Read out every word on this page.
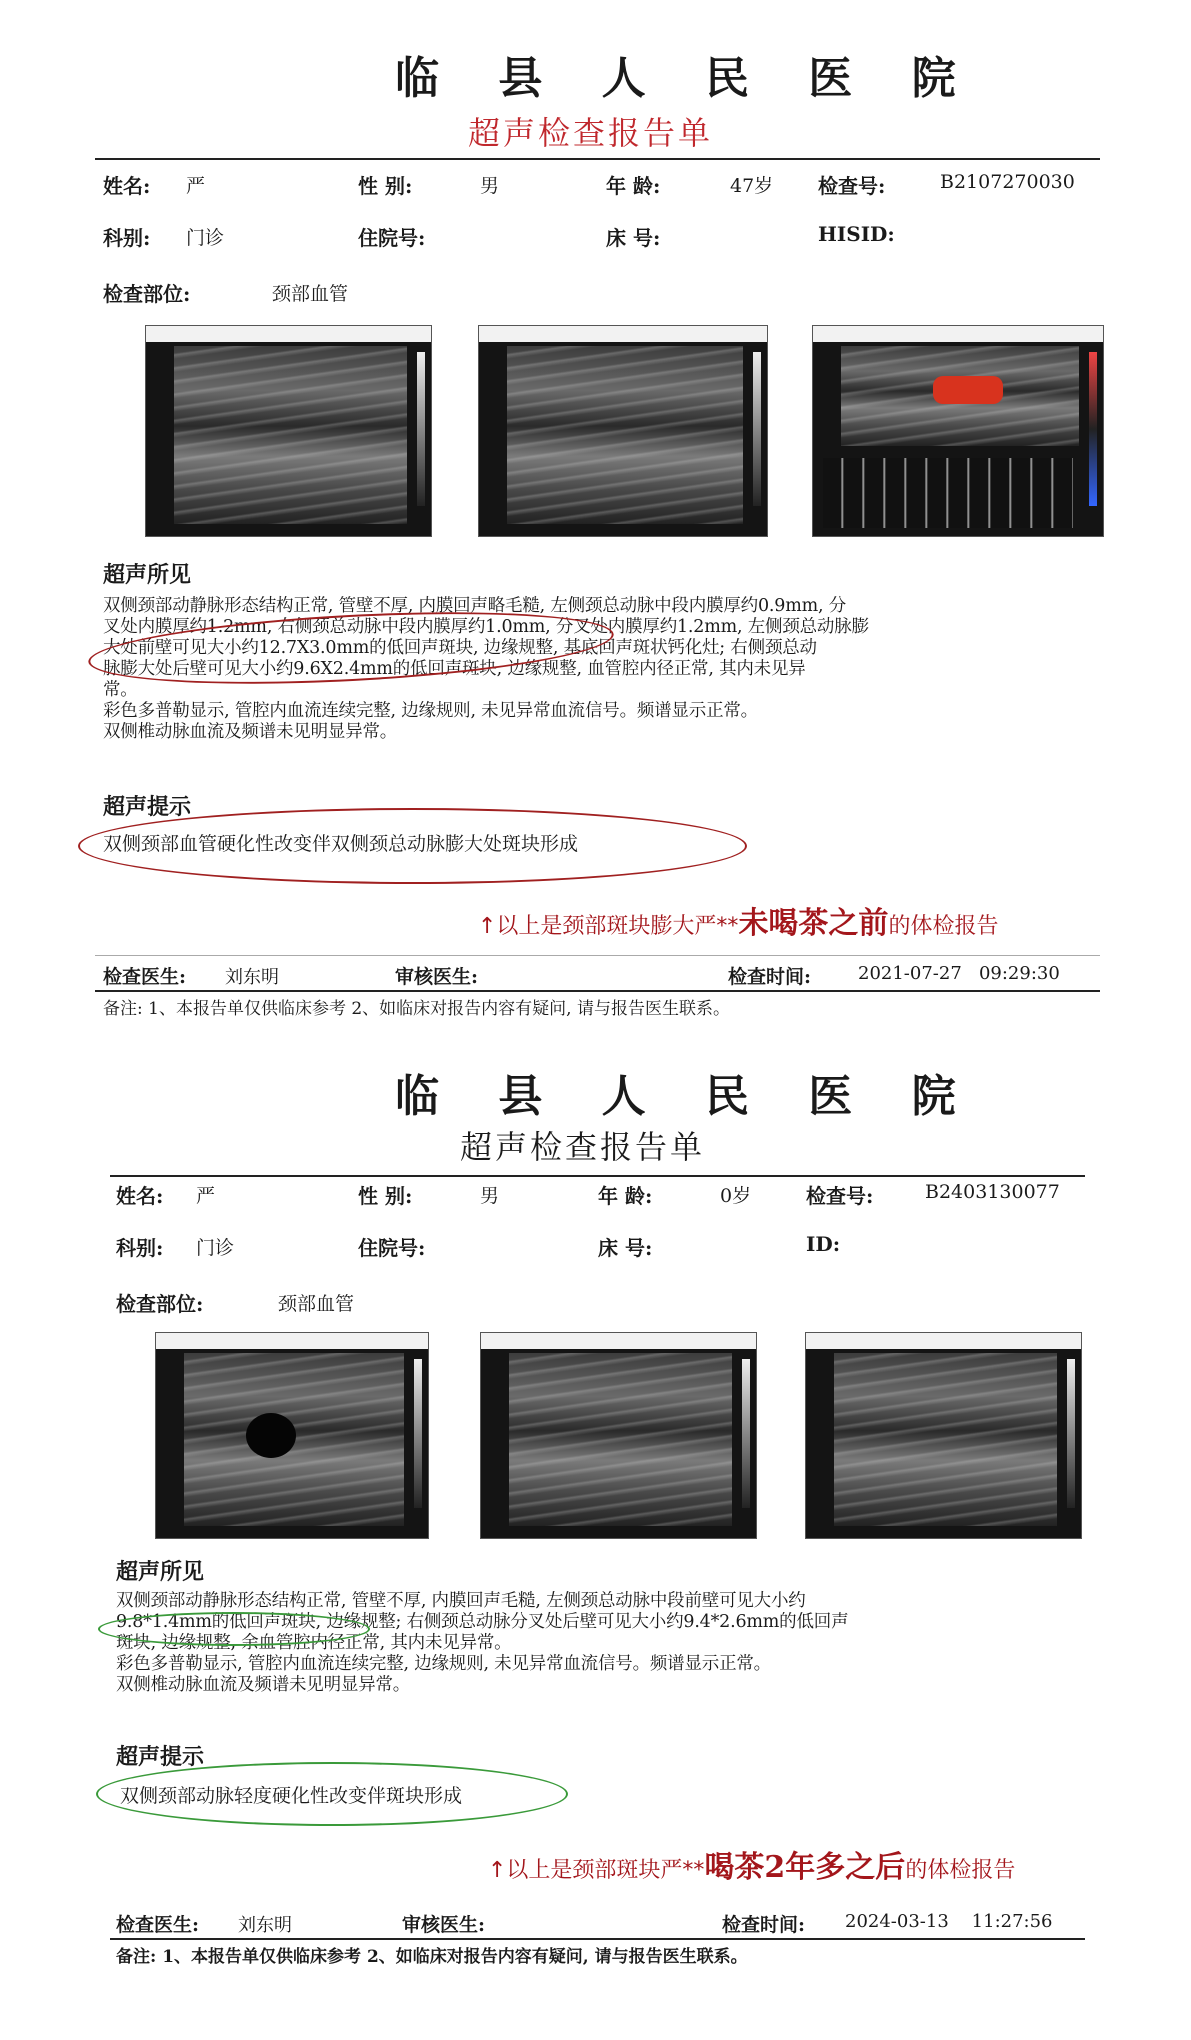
临 县 人 民 医 院
超声检查报告单
姓名: 严	性 别:	男	年 龄:	47岁 检查号:	B2107270030
科别: 门诊	住院号:	床 号:	HISID:
检查部位:	颈部血管
超声所见
双侧颈部动静脉形态结构正常, 管壁不厚, 内膜回声略毛糙, 左侧颈总动脉中段内膜厚约0.9mm, 分
叉处内膜厚约1.2mm, 右侧颈总动脉中段内膜厚约1.0mm, 分叉处内膜厚约1.2mm, 左侧颈总动脉膨
大处前壁可见大小约12.7X3.0mm的低回声斑块, 边缘规整, 基底回声斑状钙化灶; 右侧颈总动
脉膨大处后壁可见大小约9.6X2.4mm的低回声斑块, 边缘规整, 血管腔内径正常, 其内未见异
常。
彩色多普勒显示, 管腔内血流连续完整, 边缘规则, 未见异常血流信号。频谱显示正常。
双侧椎动脉血流及频谱未见明显异常。
超声提示
双侧颈部血管硬化性改变伴双侧颈总动脉膨大处斑块形成
↑以上是颈部斑块膨大严**未喝茶之前的体检报告
检查医生: 刘东明	审核医生:	检查时间:	2021-07-27   09:29:30
备注: 1、本报告单仅供临床参考 2、如临床对报告内容有疑问, 请与报告医生联系。
临 县 人 民 医 院
超声检查报告单
姓名: 严	性 别:	男	年 龄:	0岁	检查号:	B2403130077
科别: 门诊	住院号:	床 号:	ID:
检查部位:	颈部血管
超声所见
双侧颈部动静脉形态结构正常, 管壁不厚, 内膜回声毛糙, 左侧颈总动脉中段前壁可见大小约
9.8*1.4mm的低回声斑块, 边缘规整; 右侧颈总动脉分叉处后壁可见大小约9.4*2.6mm的低回声
斑块, 边缘规整, 余血管腔内径正常, 其内未见异常。
彩色多普勒显示, 管腔内血流连续完整, 边缘规则, 未见异常血流信号。频谱显示正常。
双侧椎动脉血流及频谱未见明显异常。
超声提示
双侧颈部动脉轻度硬化性改变伴斑块形成
↑以上是颈部斑块严**喝茶2年多之后的体检报告
检查医生: 刘东明	审核医生:	检查时间: 2024-03-13    11:27:56
备注: 1、本报告单仅供临床参考 2、如临床对报告内容有疑问, 请与报告医生联系。
